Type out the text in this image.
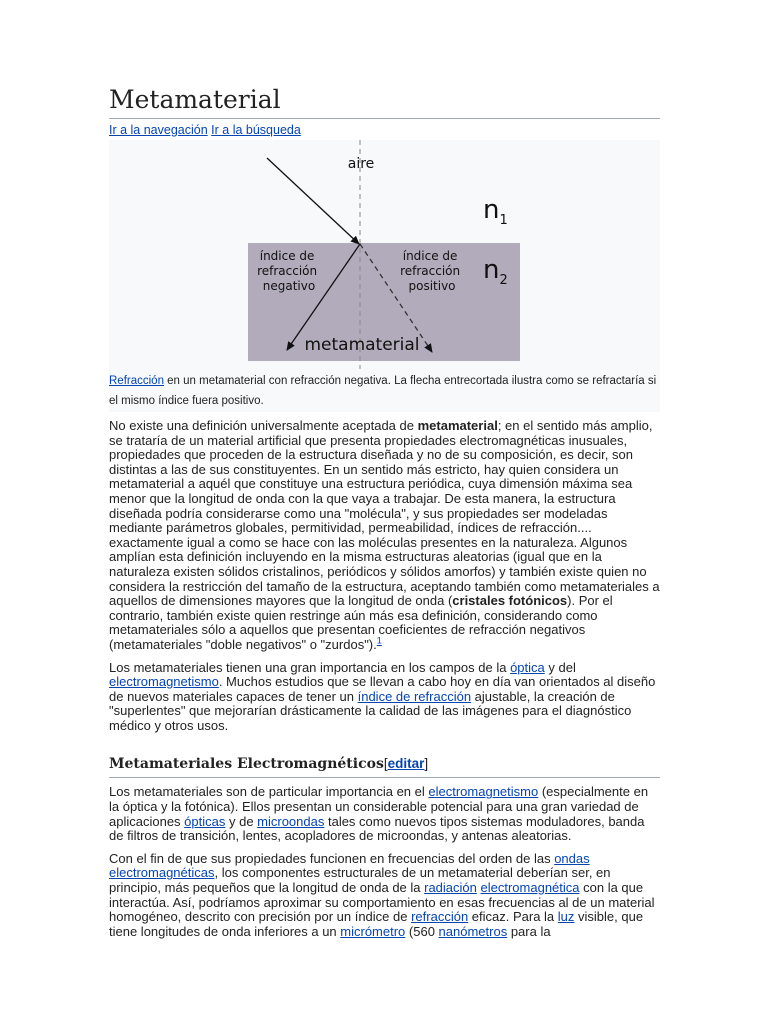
Metamaterial
Ir a la navegación Ir a la búsqueda
aire
$n_1$
$n_2$
índice de refracción negativo
índice de refracción positivo
metamaterial
Refracción en un metamaterial con refracción negativa. La flecha entrecortada ilustra como se refractaría si el mismo índice fuera positivo.

No existe una definición universalmente aceptada de metamaterial; en el sentido más amplio, se trataría de un material artificial que presenta propiedades electromagnéticas inusuales, propiedades que proceden de la estructura diseñada y no de su composición, es decir, son distintas a las de sus constituyentes. En un sentido más estricto, hay quien considera un metamaterial a aquél que constituye una estructura periódica, cuya dimensión máxima sea menor que la longitud de onda con la que vaya a trabajar. De esta manera, la estructura diseñada podría considerarse como una "molécula", y sus propiedades ser modeladas mediante parámetros globales, permitividad, permeabilidad, índices de refracción.... exactamente igual a como se hace con las moléculas presentes en la naturaleza. Algunos amplían esta definición incluyendo en la misma estructuras aleatorias (igual que en la naturaleza existen sólidos cristalinos, periódicos y sólidos amorfos) y también existe quien no considera la restricción del tamaño de la estructura, aceptando también como metamateriales a aquellos de dimensiones mayores que la longitud de onda (cristales fotónicos). Por el contrario, también existe quien restringe aún más esa definición, considerando como metamateriales sólo a aquellos que presentan coeficientes de refracción negativos (metamateriales "doble negativos" o "zurdos").$^1$

Los metamateriales tienen una gran importancia en los campos de la óptica y del electromagnetismo. Muchos estudios que se llevan a cabo hoy en día van orientados al diseño de nuevos materiales capaces de tener un índice de refracción ajustable, la creación de "superlentes" que mejorarían drásticamente la calidad de las imágenes para el diagnóstico médico y otros usos.

Metamateriales Electromagnéticos[editar]

Los metamateriales son de particular importancia en el electromagnetismo (especialmente en la óptica y la fotónica). Ellos presentan un considerable potencial para una gran variedad de aplicaciones ópticas y de microondas tales como nuevos tipos sistemas moduladores, banda de filtros de transición, lentes, acopladores de microondas, y antenas aleatorias.

Con el fin de que sus propiedades funcionen en frecuencias del orden de las ondas electromagnéticas, los componentes estructurales de un metamaterial deberían ser, en principio, más pequeños que la longitud de onda de la radiación electromagnética con la que interactúa. Así, podríamos aproximar su comportamiento en esas frecuencias al de un material homogéneo, descrito con precisión por un índice de refracción eficaz. Para la luz visible, que tiene longitudes de onda inferiores a un micrómetro (560 nanómetros para la
